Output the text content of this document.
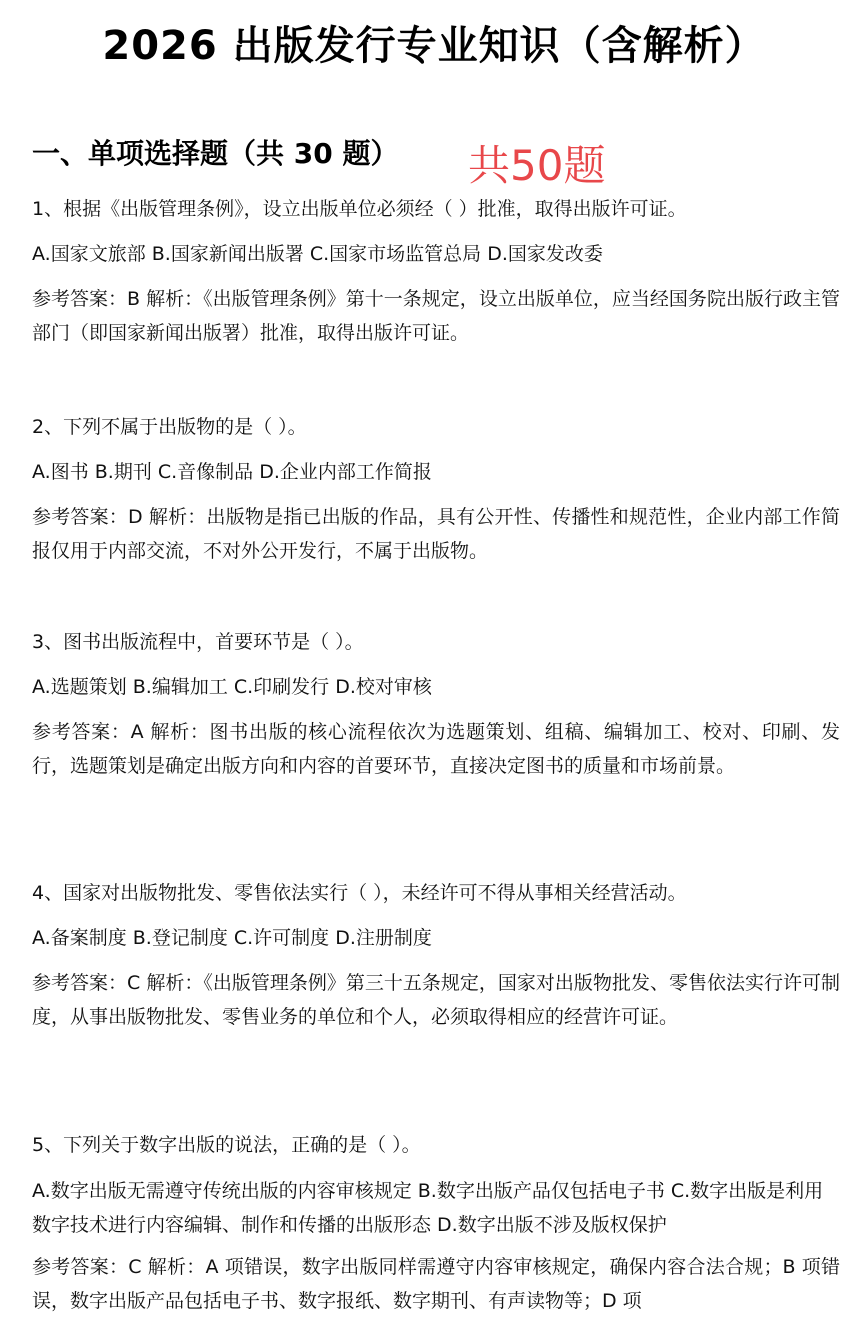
2026 出版发行专业知识（含解析）
一、单项选择题（共 30 题） 共50题

1、根据《出版管理条例》，设立出版单位必须经（ ）批准，取得出版许可证。

A.国家文旅部 B.国家新闻出版署 C.国家市场监管总局 D.国家发改委

参考答案：B 解析：《出版管理条例》第十一条规定，设立出版单位，应当经国务院出版行政主管部门（即国家新闻出版署）批准，取得出版许可证。

2、下列不属于出版物的是（ ）。

A.图书 B.期刊 C.音像制品 D.企业内部工作简报

参考答案：D 解析：出版物是指已出版的作品，具有公开性、传播性和规范性，企业内部工作简报仅用于内部交流，不对外公开发行，不属于出版物。

3、图书出版流程中，首要环节是（ ）。

A.选题策划 B.编辑加工 C.印刷发行 D.校对审核

参考答案：A 解析：图书出版的核心流程依次为选题策划、组稿、编辑加工、校对、印刷、发行，选题策划是确定出版方向和内容的首要环节，直接决定图书的质量和市场前景。

4、国家对出版物批发、零售依法实行（ ），未经许可不得从事相关经营活动。

A.备案制度 B.登记制度 C.许可制度 D.注册制度

参考答案：C 解析：《出版管理条例》第三十五条规定，国家对出版物批发、零售依法实行许可制度，从事出版物批发、零售业务的单位和个人，必须取得相应的经营许可证。

5、下列关于数字出版的说法，正确的是（ ）。

A.数字出版无需遵守传统出版的内容审核规定 B.数字出版产品仅包括电子书 C.数字出版是利用数字技术进行内容编辑、制作和传播的出版形态 D.数字出版不涉及版权保护

参考答案：C 解析：A 项错误，数字出版同样需遵守内容审核规定，确保内容合法合规；B 项错误，数字出版产品包括电子书、数字报纸、数字期刊、有声读物等；D 项
